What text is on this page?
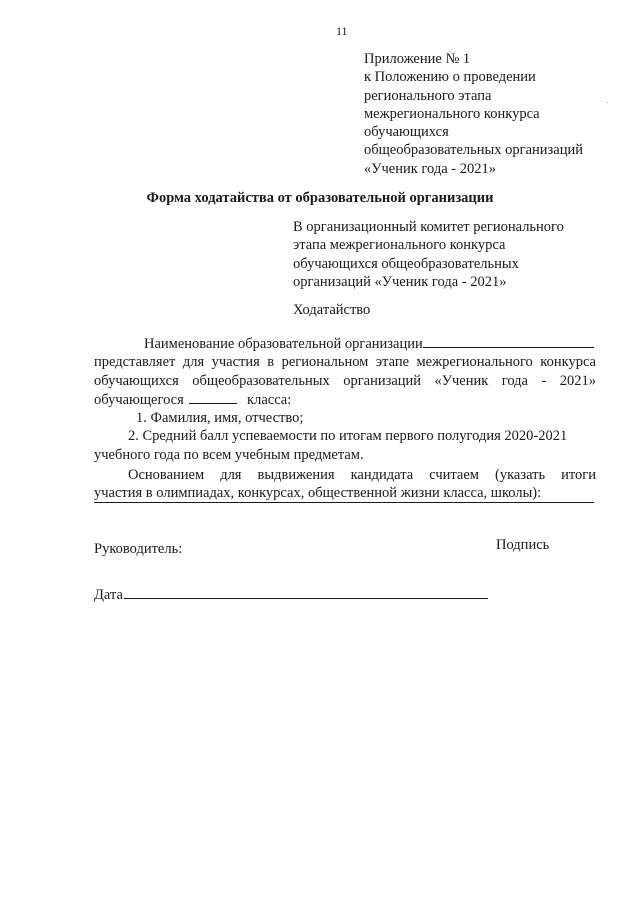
11
Приложение № 1
к Положению о проведении
регионального этапа
межрегионального конкурса
обучающихся
общеобразовательных организаций
«Ученик года - 2021»
Форма ходатайства от образовательной организации
В организационный комитет регионального
этапа межрегионального конкурса
обучающихся общеобразовательных
организаций «Ученик года - 2021»
Ходатайство
Наименование образовательной организации
представляет для участия в региональном этапе межрегионального конкурса
обучающихся общеобразовательных организаций «Ученик года - 2021»
обучающегося	класса:
1. Фамилия, имя, отчество;
2. Средний балл успеваемости по итогам первого полугодия 2020-2021
учебного года по всем учебным предметам.
Основанием для выдвижения кандидата считаем (указать итоги
участия в олимпиадах, конкурсах, общественной жизни класса, школы):
Руководитель:	Подпись
Дата
